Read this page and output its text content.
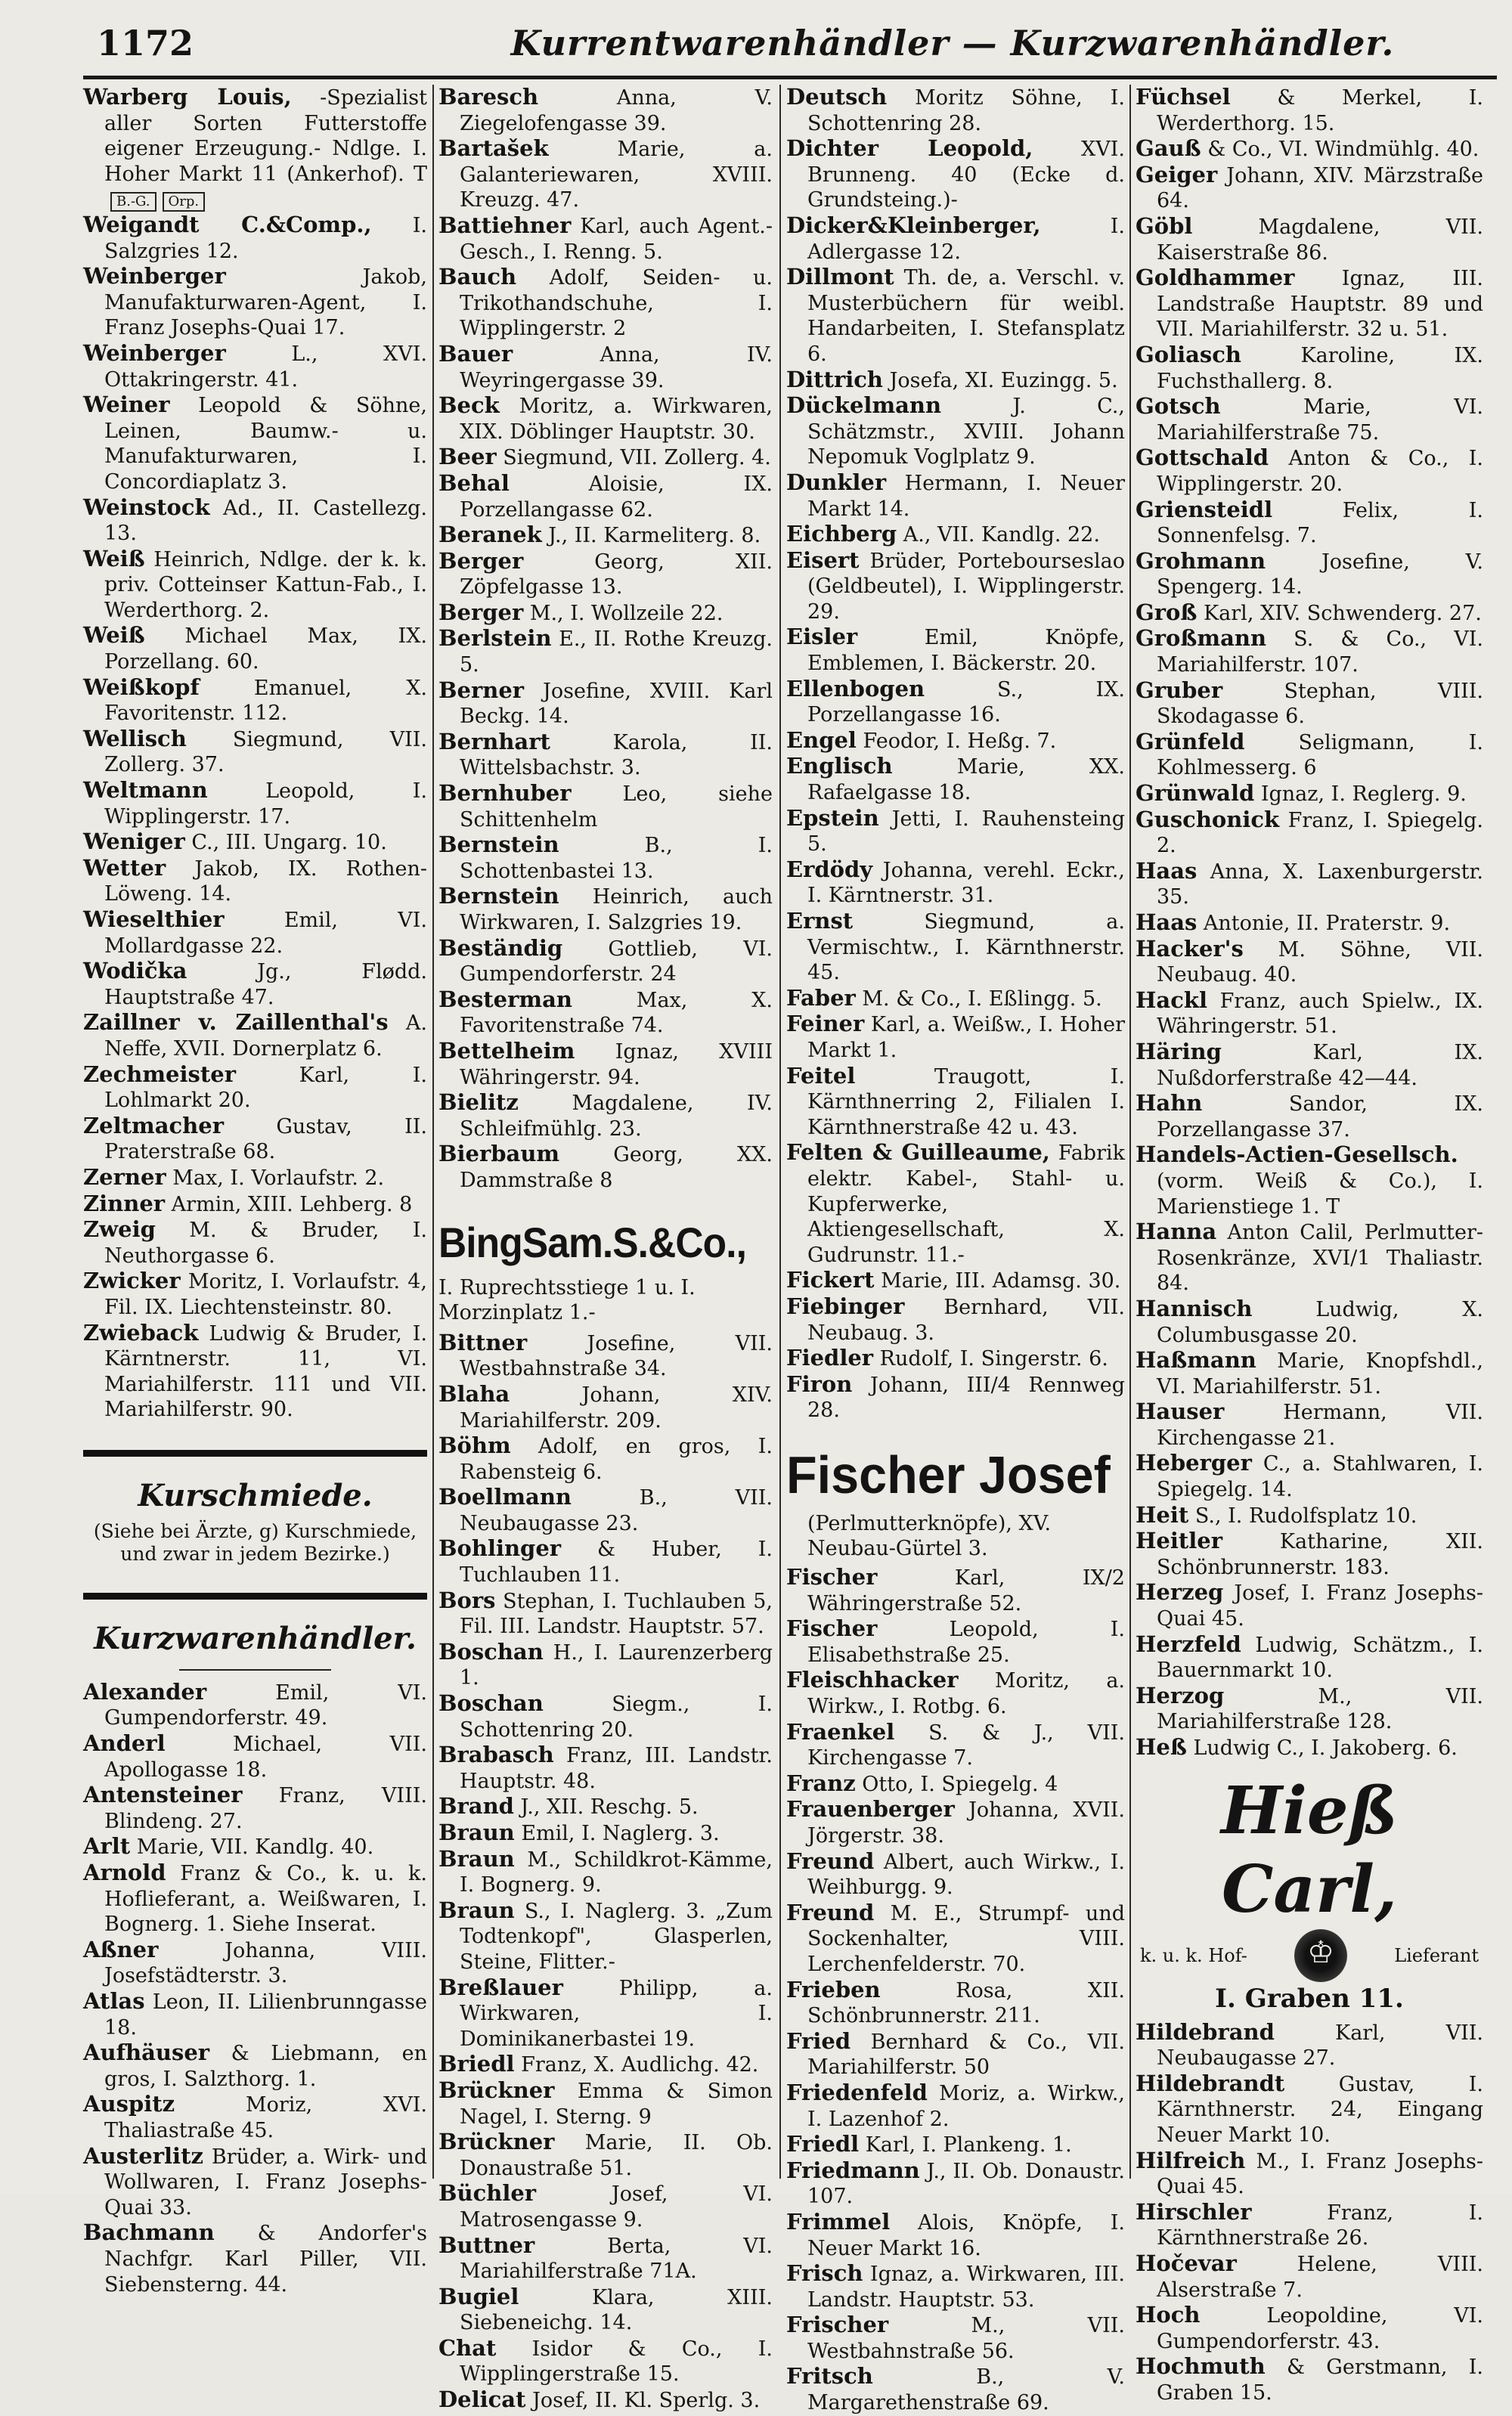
1172	Kurrentwarenhändler — Kurzwarenhändler.

Warberg Louis, -Spezialist aller Sorten Futterstoffe eigener Erzeugung.- Ndlge. I. Hoher Markt 11 (Ankerhof). TB.-G. Orp.

Weigandt C.&Comp., I. Salzgries 12.

Weinberger Jakob, Manufakturwaren-Agent, I. Franz Josephs-Quai 17.

Weinberger L., XVI. Ottakringerstr. 41.

Weiner Leopold & Söhne, Leinen, Baumw.- u. Manufakturwaren, I. Concordiaplatz 3.

Weinstock Ad., II. Castellezg. 13.

Weiß Heinrich, Ndlge. der k. k. priv. Cotteinser Kattun-Fab., I. Werderthorg. 2.

Weiß Michael Max, IX. Porzellang. 60.

Weißkopf Emanuel, X. Favoritenstr. 112.

Wellisch Siegmund, VII. Zollerg. 37.

Weltmann Leopold, I. Wipplingerstr. 17.

Weniger C., III. Ungarg. 10.

Wetter Jakob, IX. Rothen-Löweng. 14.

Wieselthier Emil, VI. Mollardgasse 22.

Wodička Jg., Flødd. Hauptstraße 47.

Zaillner v. Zaillenthal's A. Neffe, XVII. Dornerplatz 6.

Zechmeister Karl, I. Lohlmarkt 20.

Zeltmacher Gustav, II. Praterstraße 68.

Zerner Max, I. Vorlaufstr. 2.

Zinner Armin, XIII. Lehberg. 8

Zweig M. & Bruder, I. Neuthorgasse 6.

Zwicker Moritz, I. Vorlaufstr. 4, Fil. IX. Liechtensteinstr. 80.

Zwieback Ludwig & Bruder, I. Kärntnerstr. 11, VI. Mariahilferstr. 111 und VII. Mariahilferstr. 90.

Kurschmiede.
(Siehe bei Ärzte, g) Kurschmiede, und zwar in jedem Bezirke.)
Kurzwarenhändler.

Alexander Emil, VI. Gumpendorferstr. 49.

Anderl Michael, VII. Apollogasse 18.

Antensteiner Franz, VIII. Blindeng. 27.

Arlt Marie, VII. Kandlg. 40.

Arnold Franz & Co., k. u. k. Hoflieferant, a. Weißwaren, I. Bognerg. 1. Siehe Inserat.

Aßner Johanna, VIII. Josefstädterstr. 3.

Atlas Leon, II. Lilienbrunngasse 18.

Aufhäuser & Liebmann, en gros, I. Salzthorg. 1.

Auspitz Moriz, XVI. Thaliastraße 45.

Austerlitz Brüder, a. Wirk- und Wollwaren, I. Franz Josephs-Quai 33.

Bachmann & Andorfer's Nachfgr. Karl Piller, VII. Siebensterng. 44.

Baresch Anna, V. Ziegelofengasse 39.

Bartašek Marie, a. Galanteriewaren, XVIII. Kreuzg. 47.

Battiehner Karl, auch Agent.-Gesch., I. Renng. 5.

Bauch Adolf, Seiden- u. Trikothandschuhe, I. Wipplingerstr. 2

Bauer Anna, IV. Weyringergasse 39.

Beck Moritz, a. Wirkwaren, XIX. Döblinger Hauptstr. 30.

Beer Siegmund, VII. Zollerg. 4.

Behal Aloisie, IX. Porzellangasse 62.

Beranek J., II. Karmeliterg. 8.

Berger Georg, XII. Zöpfelgasse 13.

Berger M., I. Wollzeile 22.

Berlstein E., II. Rothe Kreuzg. 5.

Berner Josefine, XVIII. Karl Beckg. 14.

Bernhart Karola, II. Wittelsbachstr. 3.

Bernhuber Leo, siehe Schittenhelm

Bernstein B., I. Schottenbastei 13.

Bernstein Heinrich, auch Wirkwaren, I. Salzgries 19.

Beständig Gottlieb, VI. Gumpendorferstr. 24

Besterman Max, X. Favoritenstraße 74.

Bettelheim Ignaz, XVIII Währingerstr. 94.

Bielitz Magdalene, IV. Schleifmühlg. 23.

Bierbaum Georg, XX. Dammstraße 8

BingSam.S.&Co.,
I. Ruprechtsstiege 1 u. I. Morzinplatz 1.-

Bittner Josefine, VII. Westbahnstraße 34.

Blaha Johann, XIV. Mariahilferstr. 209.

Böhm Adolf, en gros, I. Rabensteig 6.

Boellmann B., VII. Neubaugasse 23.

Bohlinger & Huber, I. Tuchlauben 11.

Bors Stephan, I. Tuchlauben 5, Fil. III. Landstr. Hauptstr. 57.

Boschan H., I. Laurenzerberg 1.

Boschan Siegm., I. Schottenring 20.

Brabasch Franz, III. Landstr. Hauptstr. 48.

Brand J., XII. Reschg. 5.

Braun Emil, I. Naglerg. 3.

Braun M., Schildkrot-Kämme, I. Bognerg. 9.

Braun S., I. Naglerg. 3. „Zum Todtenkopf", Glasperlen, Steine, Flitter.-

Breßlauer Philipp, a. Wirkwaren, I. Dominikanerbastei 19.

Briedl Franz, X. Audlichg. 42.

Brückner Emma & Simon Nagel, I. Sterng. 9

Brückner Marie, II. Ob. Donaustraße 51.

Büchler Josef, VI. Matrosengasse 9.

Buttner Berta, VI. Mariahilferstraße 71A.

Bugiel Klara, XIII. Siebeneichg. 14.

Chat Isidor & Co., I. Wipplingerstraße 15.

Delicat Josef, II. Kl. Sperlg. 3.

Deutsch Moritz Söhne, I. Schottenring 28.

Dichter Leopold, XVI. Brunneng. 40 (Ecke d. Grundsteing.)-

Dicker&Kleinberger, I. Adlergasse 12.

Dillmont Th. de, a. Verschl. v. Musterbüchern für weibl. Handarbeiten, I. Stefansplatz 6.

Dittrich Josefa, XI. Euzingg. 5.

Dückelmann J. C., Schätzmstr., XVIII. Johann Nepomuk Voglplatz 9.

Dunkler Hermann, I. Neuer Markt 14.

Eichberg A., VII. Kandlg. 22.

Eisert Brüder, Portebourseslao (Geldbeutel), I. Wipplingerstr. 29.

Eisler Emil, Knöpfe, Emblemen, I. Bäckerstr. 20.

Ellenbogen S., IX. Porzellangasse 16.

Engel Feodor, I. Heßg. 7.

Englisch Marie, XX. Rafaelgasse 18.

Epstein Jetti, I. Rauhensteing 5.

Erdödy Johanna, verehl. Eckr., I. Kärntnerstr. 31.

Ernst Siegmund, a. Vermischtw., I. Kärnthnerstr. 45.

Faber M. & Co., I. Eßlingg. 5.

Feiner Karl, a. Weißw., I. Hoher Markt 1.

Feitel Traugott, I. Kärnthnerring 2, Filialen I. Kärnthnerstraße 42 u. 43.

Felten & Guilleaume, Fabrik elektr. Kabel-, Stahl- u. Kupferwerke, Aktiengesellschaft, X. Gudrunstr. 11.-

Fickert Marie, III. Adamsg. 30.

Fiebinger Bernhard, VII. Neubaug. 3.

Fiedler Rudolf, I. Singerstr. 6.

Firon Johann, III/4 Rennweg 28.

Fischer Josef
(Perlmutterknöpfe), XV. Neubau-Gürtel 3.

Fischer Karl, IX/2 Währingerstraße 52.

Fischer Leopold, I. Elisabethstraße 25.

Fleischhacker Moritz, a. Wirkw., I. Rotbg. 6.

Fraenkel S. & J., VII. Kirchengasse 7.

Franz Otto, I. Spiegelg. 4

Frauenberger Johanna, XVII. Jörgerstr. 38.

Freund Albert, auch Wirkw., I. Weihburgg. 9.

Freund M. E., Strumpf- und Sockenhalter, VIII. Lerchenfelderstr. 70.

Frieben Rosa, XII. Schönbrunnerstr. 211.

Fried Bernhard & Co., VII. Mariahilferstr. 50

Friedenfeld Moriz, a. Wirkw., I. Lazenhof 2.

Friedl Karl, I. Plankeng. 1.

Friedmann J., II. Ob. Donaustr. 107.

Frimmel Alois, Knöpfe, I. Neuer Markt 16.

Frisch Ignaz, a. Wirkwaren, III. Landstr. Hauptstr. 53.

Frischer M., VII. Westbahnstraße 56.

Fritsch B., V. Margarethenstraße 69.

Füchsel & Merkel, I. Werderthorg. 15.

Gauß & Co., VI. Windmühlg. 40.

Geiger Johann, XIV. Märzstraße 64.

Göbl Magdalene, VII. Kaiserstraße 86.

Goldhammer Ignaz, III. Landstraße Hauptstr. 89 und VII. Mariahilferstr. 32 u. 51.

Goliasch Karoline, IX. Fuchsthallerg. 8.

Gotsch Marie, VI. Mariahilferstraße 75.

Gottschald Anton & Co., I. Wipplingerstr. 20.

Griensteidl Felix, I. Sonnenfelsg. 7.

Grohmann Josefine, V. Spengerg. 14.

Groß Karl, XIV. Schwenderg. 27.

Großmann S. & Co., VI. Mariahilferstr. 107.

Gruber Stephan, VIII. Skodagasse 6.

Grünfeld Seligmann, I. Kohlmesserg. 6

Grünwald Ignaz, I. Reglerg. 9.

Guschonick Franz, I. Spiegelg. 2.

Haas Anna, X. Laxenburgerstr. 35.

Haas Antonie, II. Praterstr. 9.

Hacker's M. Söhne, VII. Neubaug. 40.

Hackl Franz, auch Spielw., IX. Währingerstr. 51.

Häring Karl, IX. Nußdorferstraße 42—44.

Hahn Sandor, IX. Porzellangasse 37.

Handels-Actien-Gesellsch. (vorm. Weiß & Co.), I. Marienstiege 1. T

Hanna Anton Calil, Perlmutter-Rosenkränze, XVI/1 Thaliastr. 84.

Hannisch Ludwig, X. Columbusgasse 20.

Haßmann Marie, Knopfshdl., VI. Mariahilferstr. 51.

Hauser Hermann, VII. Kirchengasse 21.

Heberger C., a. Stahlwaren, I. Spiegelg. 14.

Heit S., I. Rudolfsplatz 10.

Heitler Katharine, XII. Schönbrunnerstr. 183.

Herzeg Josef, I. Franz Josephs-Quai 45.

Herzfeld Ludwig, Schätzm., I. Bauernmarkt 10.

Herzog M., VII. Mariahilferstraße 128.

Heß Ludwig C., I. Jakoberg. 6.

Hieß Carl,
k. u. k. Hof-
♔	Lieferant
I. Graben 11.

Hildebrand Karl, VII. Neubaugasse 27.

Hildebrandt Gustav, I. Kärnthnerstr. 24, Eingang Neuer Markt 10.

Hilfreich M., I. Franz Josephs-Quai 45.

Hirschler Franz, I. Kärnthnerstraße 26.

Hočevar Helene, VIII. Alserstraße 7.

Hoch Leopoldine, VI. Gumpendorferstr. 43.

Hochmuth & Gerstmann, I. Graben 15.
